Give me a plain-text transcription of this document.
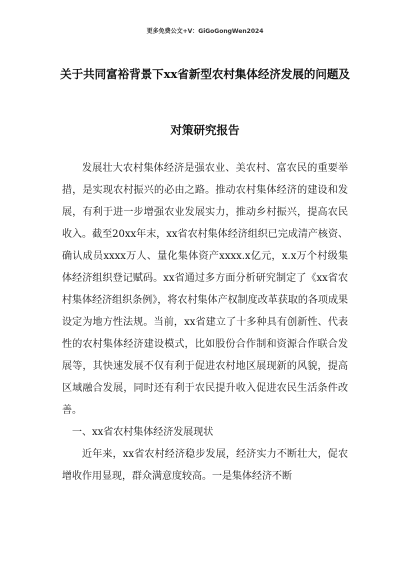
更多免费公文+V：GiGoGongWen2024
关于共同富裕背景下xx省新型农村集体经济发展的问题及
对策研究报告

发展壮大农村集体经济是强农业、美农村、富农民的重要举措，是实现农村振兴的必由之路。推动农村集体经济的建设和发展，有利于进一步增强农业发展实力，推动乡村振兴，提高农民收入。截至20xx年末，xx省农村集体经济组织已完成清产核资、确认成员xxxx万人、量化集体资产xxxx.x亿元，x.x万个村级集体经济组织登记赋码。xx省通过多方面分析研究制定了《xx省农村集体经济组织条例》，将农村集体产权制度改革获取的各项成果设定为地方性法规。当前，xx省建立了十多种具有创新性、代表性的农村集体经济建设模式，比如股份合作制和资源合作联合发展等，其快速发展不仅有利于促进农村地区展现新的风貌，提高区域融合发展，同时还有利于农民提升收入促进农民生活条件改善。

一、xx省农村集体经济发展现状

近年来，xx省农村经济稳步发展，经济实力不断壮大，促农增收作用显现，群众满意度较高。一是集体经济不断
